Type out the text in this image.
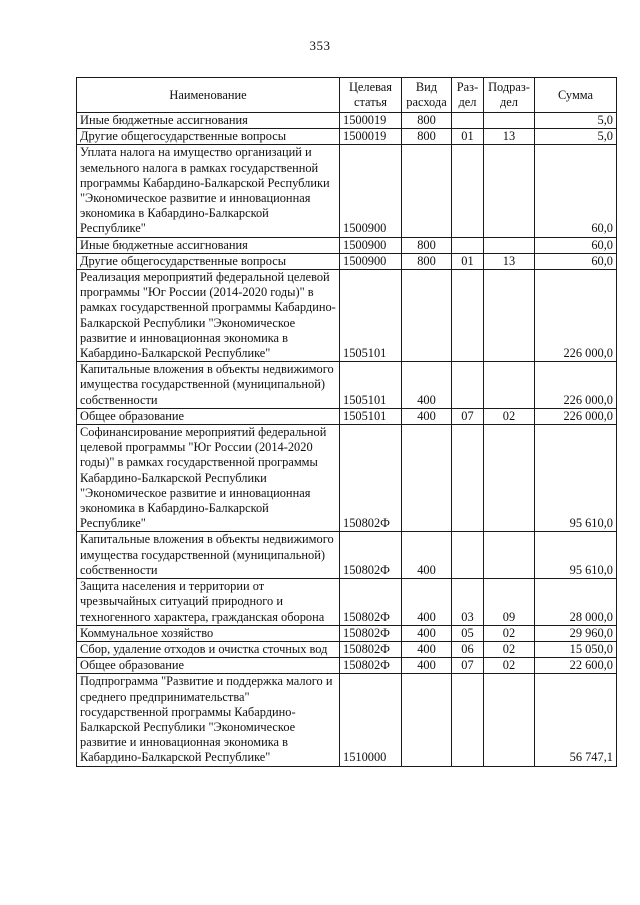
353
Наименование	Целевая статья	Вид расхода	Раз-дел	Подраз-дел	Сумма
Иные бюджетные ассигнования	1500019	800			5,0
Другие общегосударственные вопросы	1500019	800	01	13	5,0
Уплата налога на имущество организаций и земельного налога в рамках государственной программы Кабардино-Балкарской Республики "Экономическое развитие и инновационная экономика в Кабардино-Балкарской Республике"	1500900				60,0
Иные бюджетные ассигнования	1500900	800			60,0
Другие общегосударственные вопросы	1500900	800	01	13	60,0
Реализация мероприятий федеральной целевой программы "Юг России (2014-2020 годы)" в рамках государственной программы Кабардино-Балкарской Республики "Экономическое развитие и инновационная экономика в Кабардино-Балкарской Республике"	1505101				226 000,0
Капитальные вложения в объекты недвижимого имущества государственной (муниципальной) собственности	1505101	400			226 000,0
Общее образование	1505101	400	07	02	226 000,0
Софинансирование мероприятий федеральной целевой программы "Юг России (2014-2020 годы)" в рамках государственной программы Кабардино-Балкарской Республики "Экономическое развитие и инновационная экономика в Кабардино-Балкарской Республике"	150802Ф				95 610,0
Капитальные вложения в объекты недвижимого имущества государственной (муниципальной) собственности	150802Ф	400			95 610,0
Защита населения и территории от чрезвычайных ситуаций природного и техногенного характера, гражданская оборона	150802Ф	400	03	09	28 000,0
Коммунальное хозяйство	150802Ф	400	05	02	29 960,0
Сбор, удаление отходов и очистка сточных вод	150802Ф	400	06	02	15 050,0
Общее образование	150802Ф	400	07	02	22 600,0
Подпрограмма "Развитие и поддержка малого и среднего предпринимательства" государственной программы Кабардино-Балкарской Республики "Экономическое развитие и инновационная экономика в Кабардино-Балкарской Республике"	1510000				56 747,1
